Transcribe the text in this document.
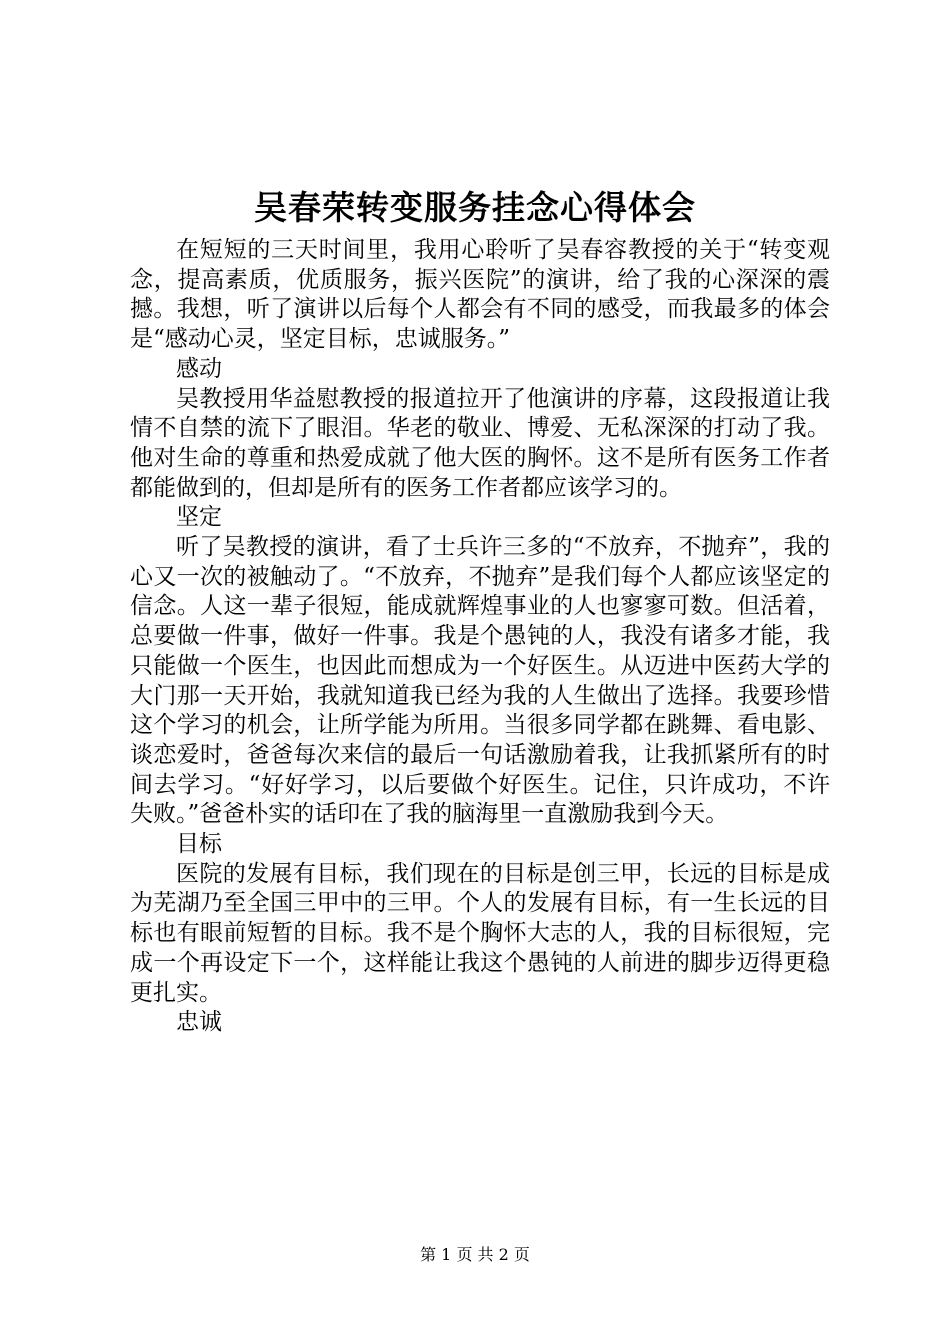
吴春荣转变服务挂念心得体会

在短短的三天时间里，我用心聆听了吴春容教授的关于“转变观念，提高素质，优质服务，振兴医院”的演讲，给了我的心深深的震撼。我想，听了演讲以后每个人都会有不同的感受，而我最多的体会是“感动心灵，坚定目标，忠诚服务。”

感动

吴教授用华益慰教授的报道拉开了他演讲的序幕，这段报道让我情不自禁的流下了眼泪。华老的敬业、博爱、无私深深的打动了我。他对生命的尊重和热爱成就了他大医的胸怀。这不是所有医务工作者都能做到的，但却是所有的医务工作者都应该学习的。

坚定

听了吴教授的演讲，看了士兵许三多的“不放弃，不抛弃”，我的心又一次的被触动了。“不放弃，不抛弃”是我们每个人都应该坚定的信念。人这一辈子很短，能成就辉煌事业的人也寥寥可数。但活着，总要做一件事，做好一件事。我是个愚钝的人，我没有诸多才能，我只能做一个医生，也因此而想成为一个好医生。从迈进中医药大学的大门那一天开始，我就知道我已经为我的人生做出了选择。我要珍惜这个学习的机会，让所学能为所用。当很多同学都在跳舞、看电影、谈恋爱时，爸爸每次来信的最后一句话激励着我，让我抓紧所有的时间去学习。“好好学习，以后要做个好医生。记住，只许成功，不许失败。”爸爸朴实的话印在了我的脑海里一直激励我到今天。

目标

医院的发展有目标，我们现在的目标是创三甲，长远的目标是成为芜湖乃至全国三甲中的三甲。个人的发展有目标，有一生长远的目标也有眼前短暂的目标。我不是个胸怀大志的人，我的目标很短，完成一个再设定下一个，这样能让我这个愚钝的人前进的脚步迈得更稳更扎实。

忠诚

第 1 页 共 2 页
